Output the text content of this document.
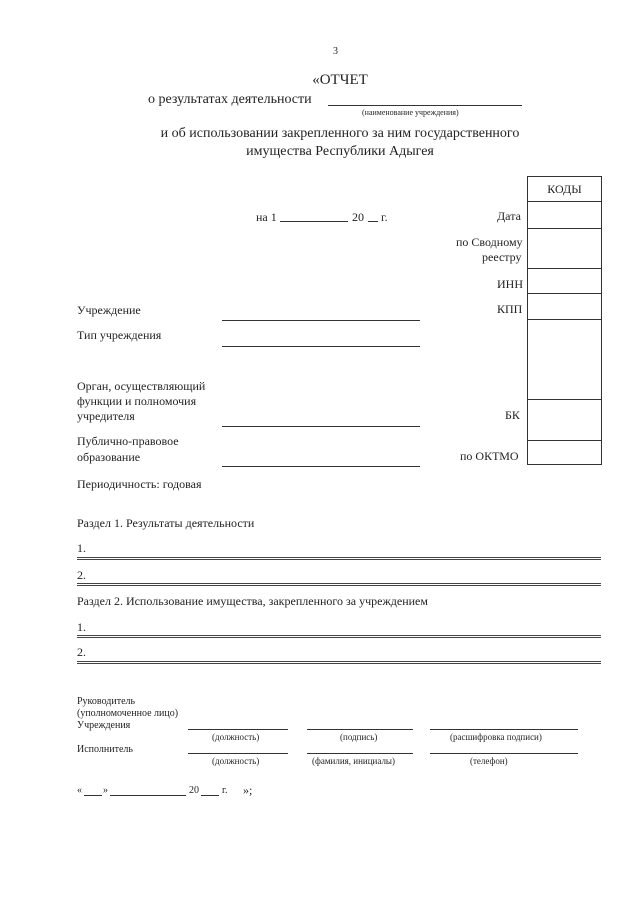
3
«ОТЧЕТ
о результатах деятельности
(наименование учреждения)
и об использовании закрепленного за ним государственного
имущества Республики Адыгея
на 1	20 г.
КОДЫ

Дата
по Сводному
реестру
ИНН
КПП
БК
по ОКТМО
Учреждение
Тип учреждения
Орган, осуществляющий
функции и полномочия
учредителя
Публично-правовое
образование
Периодичность: годовая
Раздел 1. Результаты деятельности
1.
2.
Раздел 2. Использование имущества, закрепленного за учреждением
1.
2.
Руководитель
(уполномоченное лицо)
Учреждения
(должность)	(подпись)	(расшифровка подписи)
Исполнитель
(должность)	(фамилия, инициалы)	(телефон)
« »	20 г. »;
